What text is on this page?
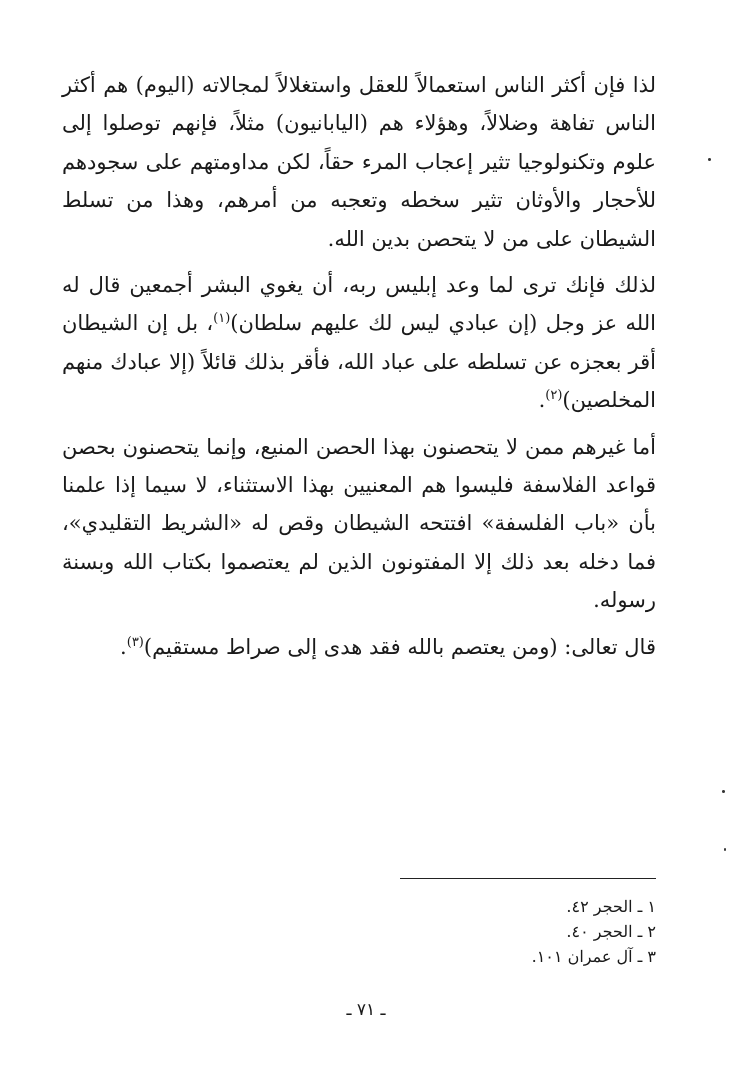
لذا فإن أكثر الناس استعمالاً للعقل واستغلالاً لمجالاته (اليوم) هم أكثر الناس تفاهة وضلالاً، وهؤلاء هم (اليابانيون) مثلاً، فإنهم توصلوا إلى علوم وتكنولوجيا تثير إعجاب المرء حقاً، لكن مداومتهم على سجودهم للأحجار والأوثان تثير سخطه وتعجبه من أمرهم، وهذا من تسلط الشيطان على من لا يتحصن بدين الله.

لذلك فإنك ترى لما وعد إبليس ربه، أن يغوي البشر أجمعين قال له الله عز وجل (إن عبادي ليس لك عليهم سلطان)$^{(١)}$، بل إن الشيطان أقر بعجزه عن تسلطه على عباد الله، فأقر بذلك قائلاً (إلا عبادك منهم المخلصين)$^{(٢)}$.

أما غيرهم ممن لا يتحصنون بهذا الحصن المنيع، وإنما يتحصنون بحصن قواعد الفلاسفة فليسوا هم المعنيين بهذا الاستثناء، لا سيما إذا علمنا بأن «باب الفلسفة» افتتحه الشيطان وقص له «الشريط التقليدي»، فما دخله بعد ذلك إلا المفتونون الذين لم يعتصموا بكتاب الله وبسنة رسوله.

قال تعالى: (ومن يعتصم بالله فقد هدى إلى صراط مستقيم)$^{(٣)}$.

١ ـ الحجر ٤٢.
٢ ـ الحجر ٤٠.
٣ ـ آل عمران ١٠١.
ـ ٧١ ـ
